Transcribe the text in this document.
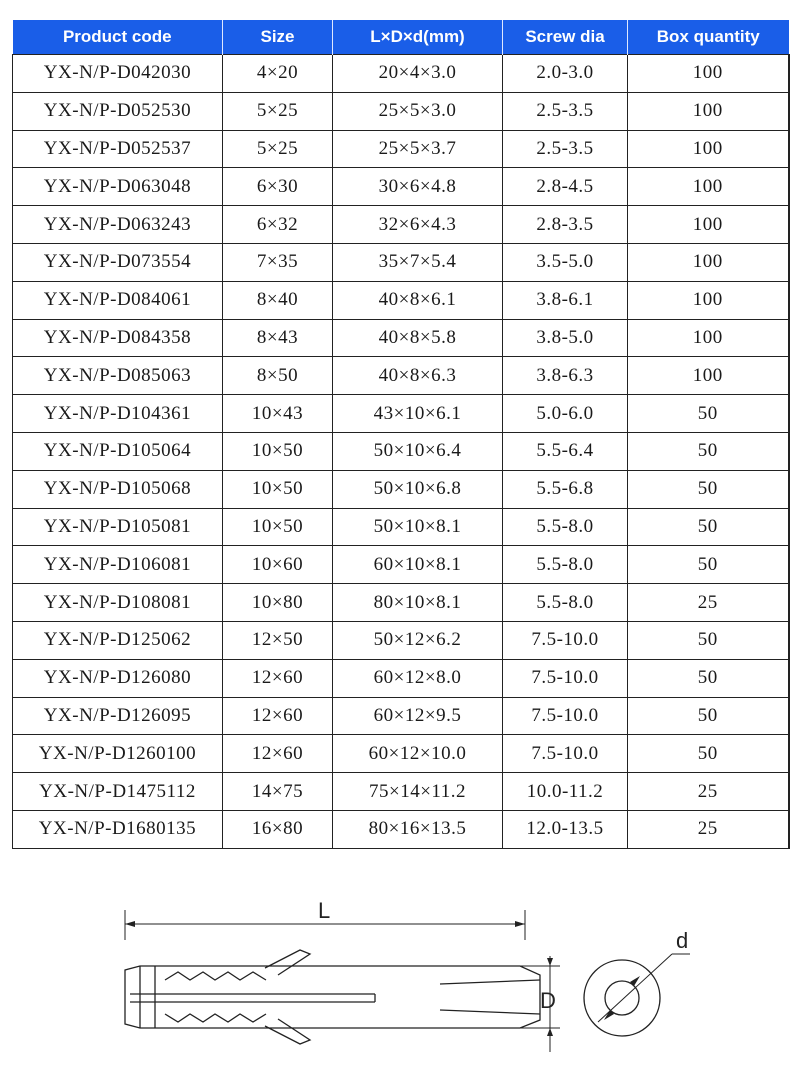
Product code	Size	L×D×d(mm)	Screw dia	Box quantity
YX-N/P-D042030	4×20	20×4×3.0	2.0-3.0	100
YX-N/P-D052530	5×25	25×5×3.0	2.5-3.5	100
YX-N/P-D052537	5×25	25×5×3.7	2.5-3.5	100
YX-N/P-D063048	6×30	30×6×4.8	2.8-4.5	100
YX-N/P-D063243	6×32	32×6×4.3	2.8-3.5	100
YX-N/P-D073554	7×35	35×7×5.4	3.5-5.0	100
YX-N/P-D084061	8×40	40×8×6.1	3.8-6.1	100
YX-N/P-D084358	8×43	40×8×5.8	3.8-5.0	100
YX-N/P-D085063	8×50	40×8×6.3	3.8-6.3	100
YX-N/P-D104361	10×43	43×10×6.1	5.0-6.0	50
YX-N/P-D105064	10×50	50×10×6.4	5.5-6.4	50
YX-N/P-D105068	10×50	50×10×6.8	5.5-6.8	50
YX-N/P-D105081	10×50	50×10×8.1	5.5-8.0	50
YX-N/P-D106081	10×60	60×10×8.1	5.5-8.0	50
YX-N/P-D108081	10×80	80×10×8.1	5.5-8.0	25
YX-N/P-D125062	12×50	50×12×6.2	7.5-10.0	50
YX-N/P-D126080	12×60	60×12×8.0	7.5-10.0	50
YX-N/P-D126095	12×60	60×12×9.5	7.5-10.0	50
YX-N/P-D1260100	12×60	60×12×10.0	7.5-10.0	50
YX-N/P-D1475112	14×75	75×14×11.2	10.0-11.2	25
YX-N/P-D1680135	16×80	80×16×13.5	12.0-13.5	25
L
D
d
